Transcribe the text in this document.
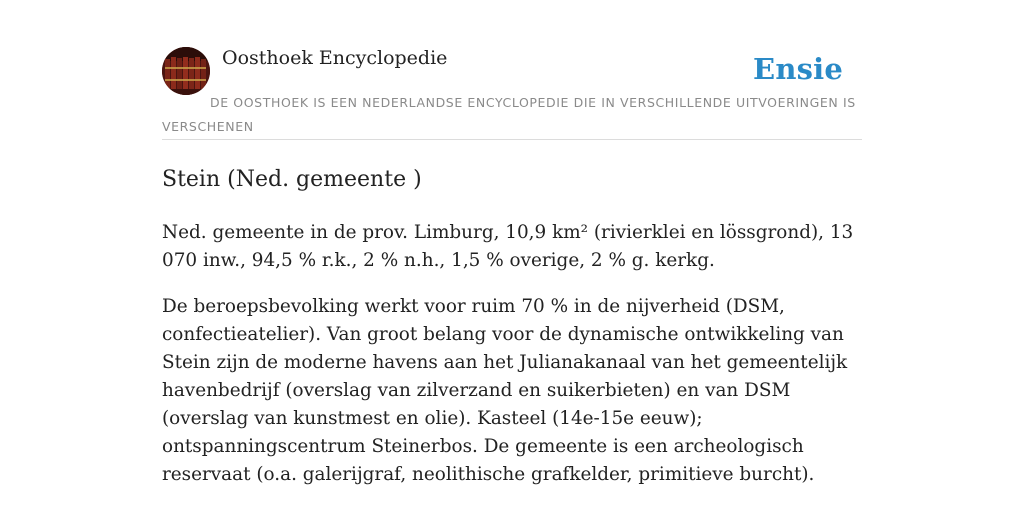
Oosthoek Encyclopedie	Ensie
DE OOSTHOEK IS EEN NEDERLANDSE ENCYCLOPEDIE DIE IN VERSCHILLENDE UITVOERINGEN IS VERSCHENEN
Stein (Ned. gemeente )

Ned. gemeente in de prov. Limburg, 10,9 km² (rivierklei en lössgrond), 13 070 inw., 94,5 % r.k., 2 % n.h., 1,5 % overige, 2 % g. kerkg.

De beroepsbevolking werkt voor ruim 70 % in de nijverheid (DSM, confectieatelier). Van groot belang voor de dynamische ontwikkeling van Stein zijn de moderne havens aan het Julianakanaal van het gemeentelijk havenbedrijf (overslag van zilverzand en suikerbieten) en van DSM (overslag van kunstmest en olie). Kasteel (14e-15e eeuw); ontspanningscentrum Steinerbos. De gemeente is een archeologisch reservaat (o.a. galerijgraf, neolithische grafkelder, primitieve burcht).
